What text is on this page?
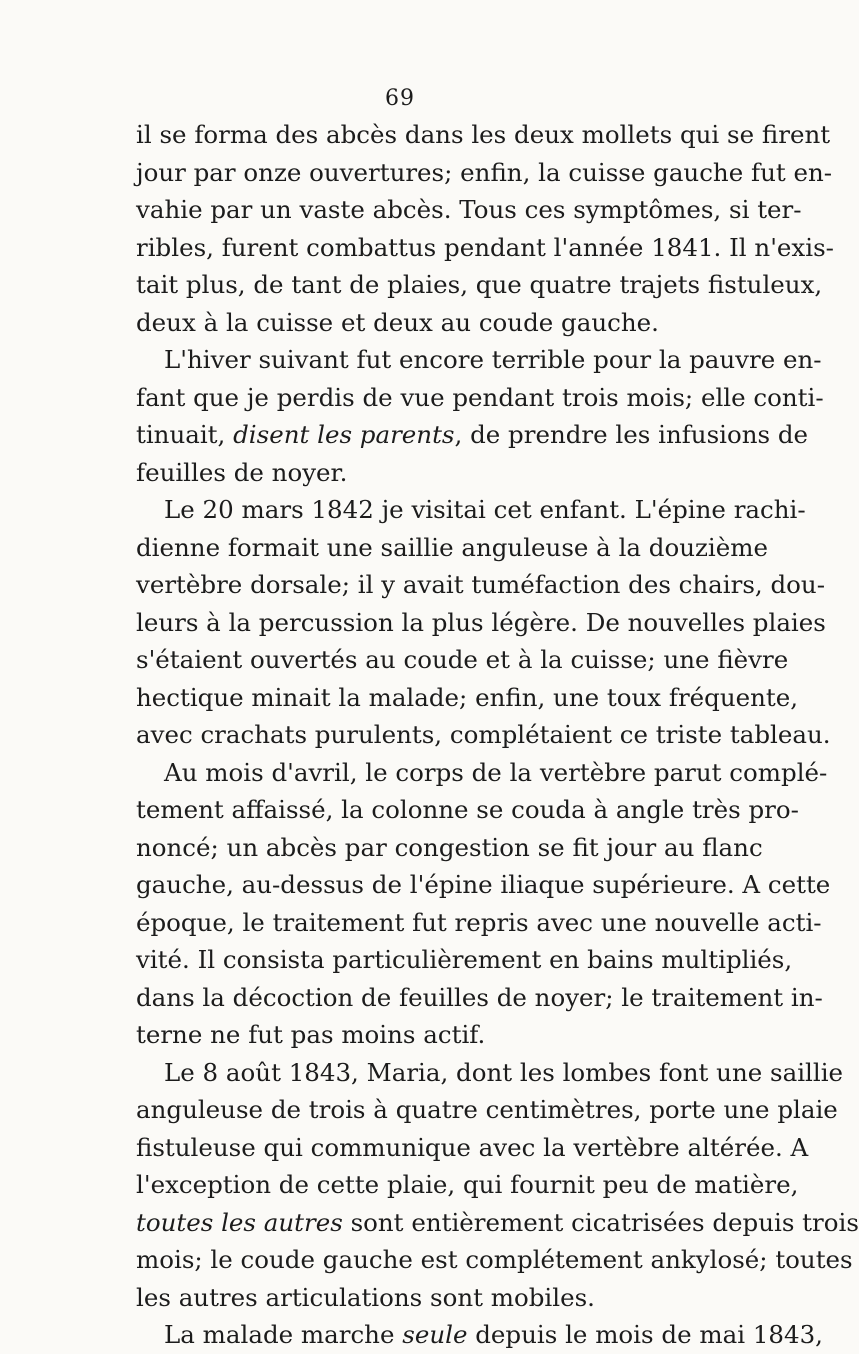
69
il se forma des abcès dans les deux mollets qui se firent
jour par onze ouvertures; enfin, la cuisse gauche fut en-
vahie par un vaste abcès. Tous ces symptômes, si ter-
ribles, furent combattus pendant l'année 1841. Il n'exis-
tait plus, de tant de plaies, que quatre trajets fistuleux,
deux à la cuisse et deux au coude gauche.
L'hiver suivant fut encore terrible pour la pauvre en-
fant que je perdis de vue pendant trois mois; elle conti-
tinuait, disent les parents, de prendre les infusions de
feuilles de noyer.
Le 20 mars 1842 je visitai cet enfant. L'épine rachi-
dienne formait une saillie anguleuse à la douzième
vertèbre dorsale; il y avait tuméfaction des chairs, dou-
leurs à la percussion la plus légère. De nouvelles plaies
s'étaient ouvertés au coude et à la cuisse; une fièvre
hectique minait la malade; enfin, une toux fréquente,
avec crachats purulents, complétaient ce triste tableau.
Au mois d'avril, le corps de la vertèbre parut complé-
tement affaissé, la colonne se couda à angle très pro-
noncé; un abcès par congestion se fit jour au flanc
gauche, au-dessus de l'épine iliaque supérieure. A cette
époque, le traitement fut repris avec une nouvelle acti-
vité. Il consista particulièrement en bains multipliés,
dans la décoction de feuilles de noyer; le traitement in-
terne ne fut pas moins actif.
Le 8 août 1843, Maria, dont les lombes font une saillie
anguleuse de trois à quatre centimètres, porte une plaie
fistuleuse qui communique avec la vertèbre altérée. A
l'exception de cette plaie, qui fournit peu de matière,
toutes les autres sont entièrement cicatrisées depuis trois
mois; le coude gauche est complétement ankylosé; toutes
les autres articulations sont mobiles.
La malade marche seule depuis le mois de mai 1843,
